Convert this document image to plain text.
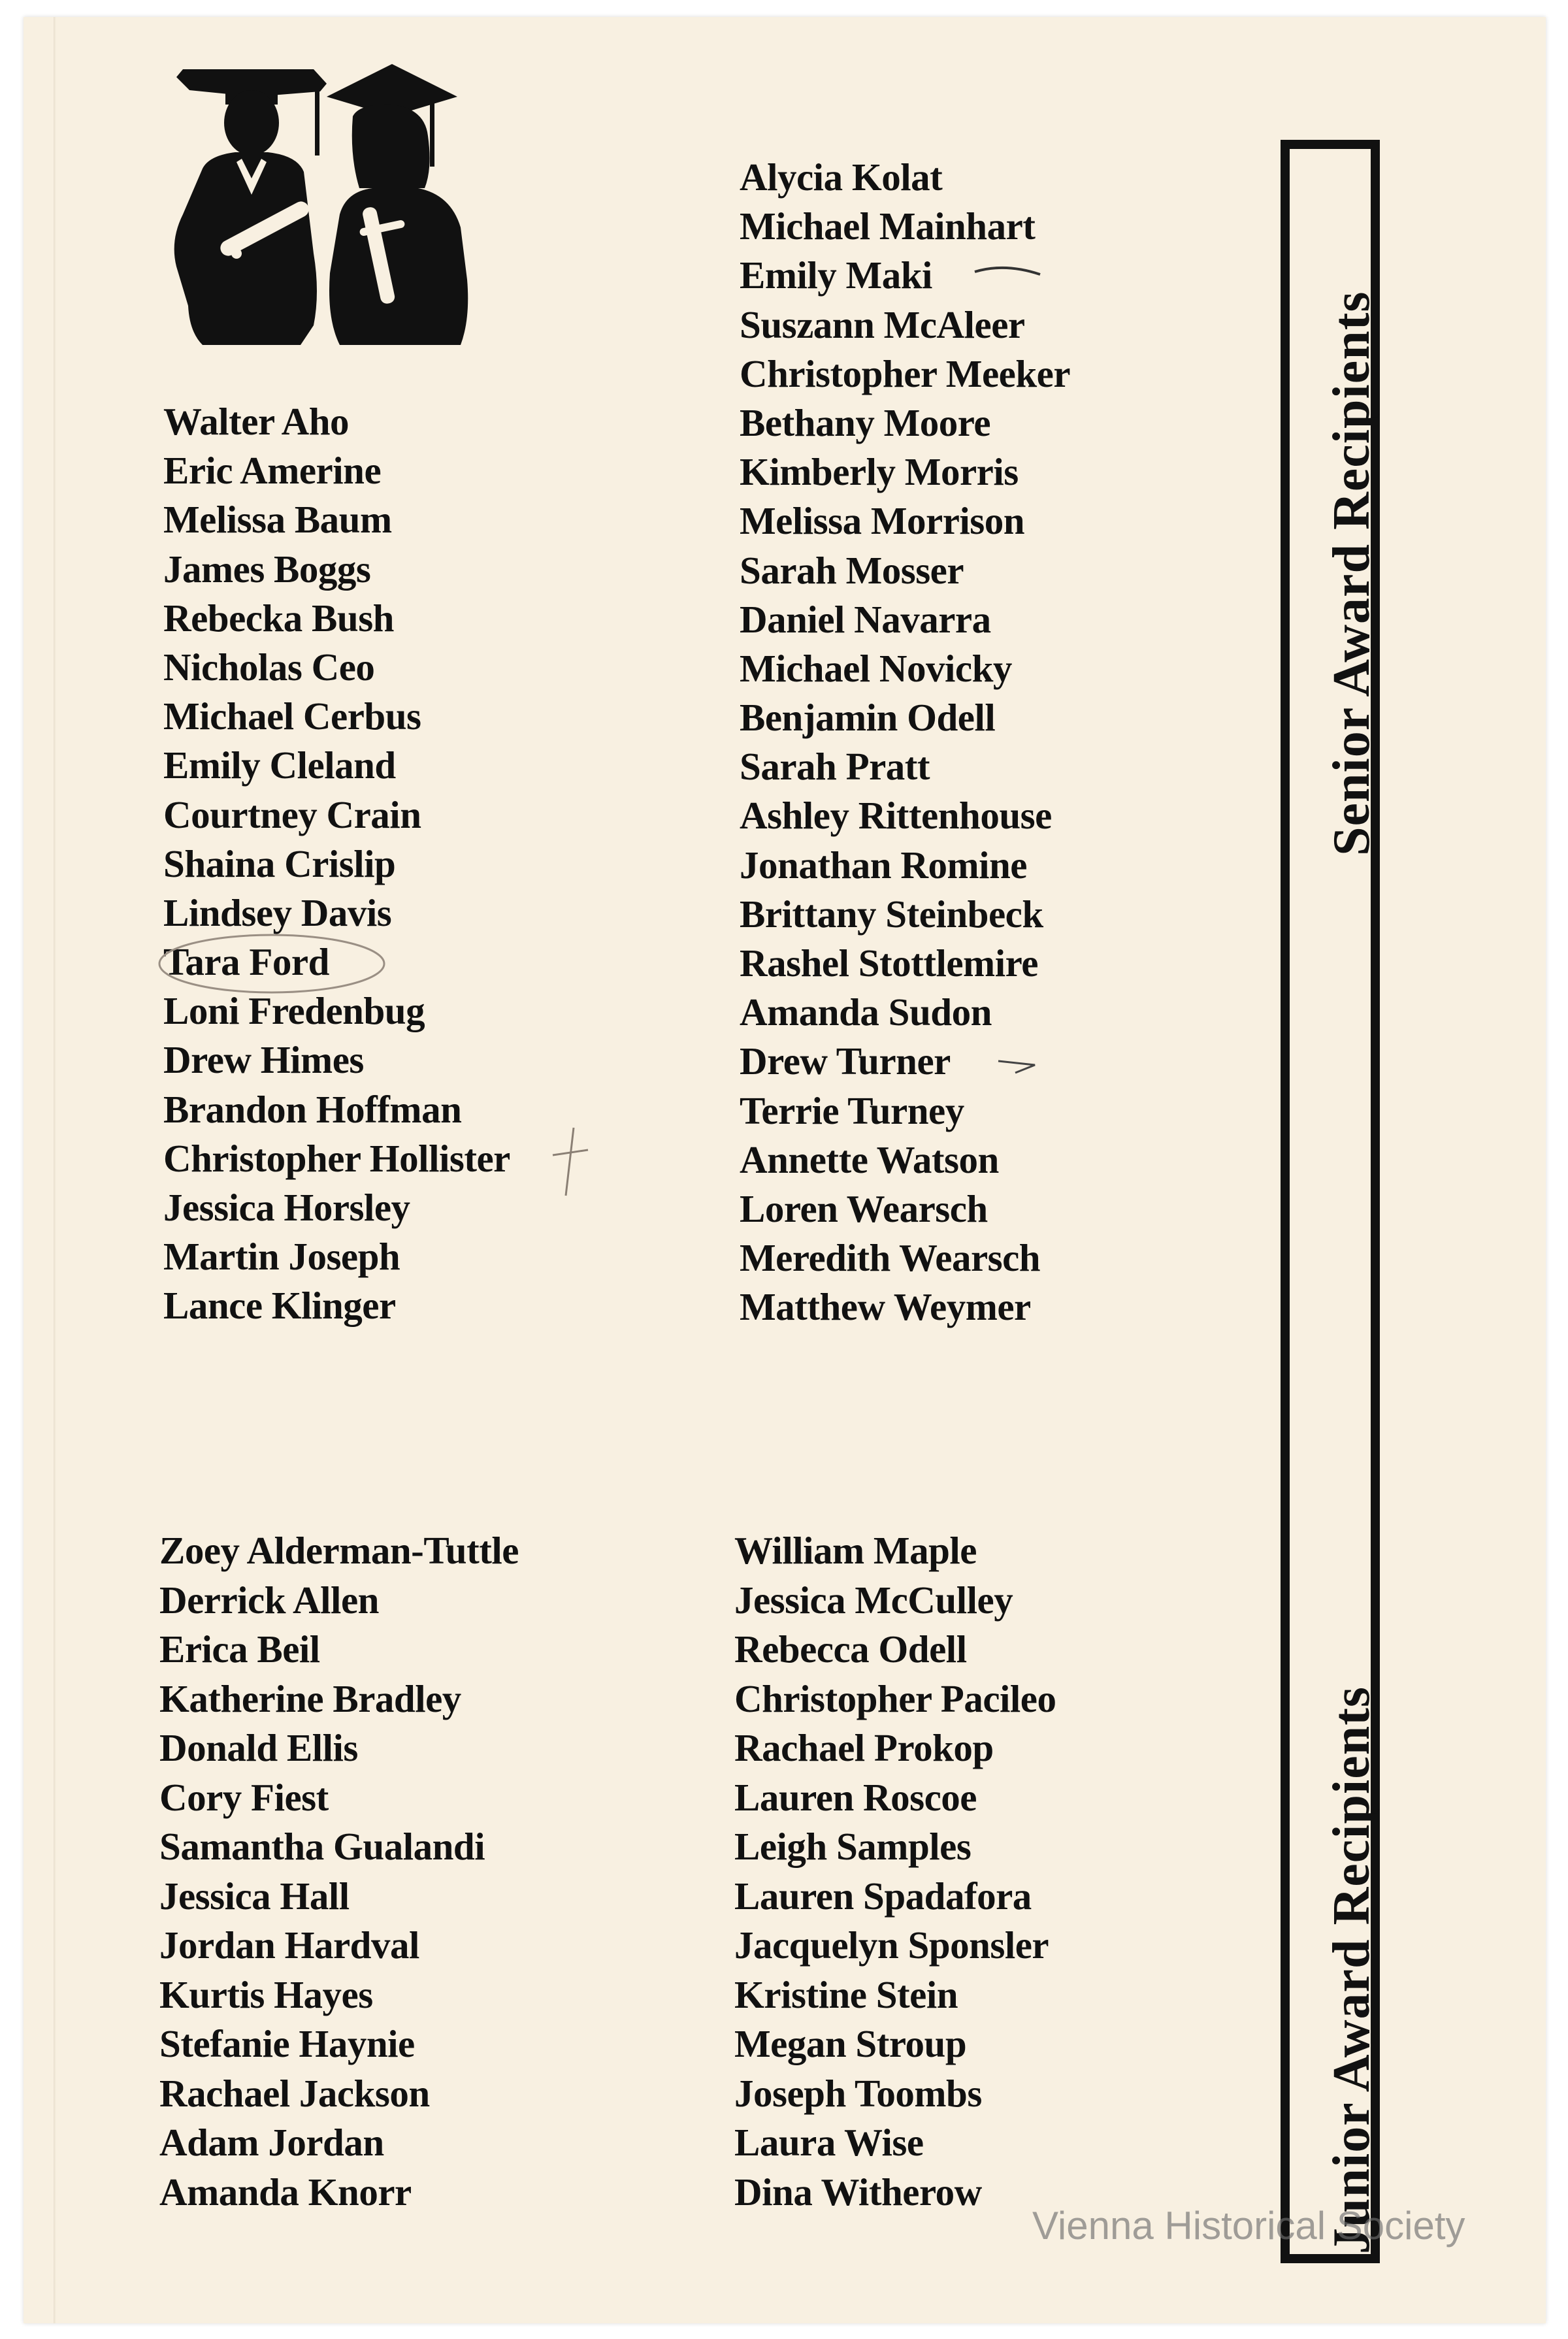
Walter Aho
Eric Amerine
Melissa Baum
James Boggs
Rebecka Bush
Nicholas Ceo
Michael Cerbus
Emily Cleland
Courtney Crain
Shaina Crislip
Lindsey Davis
Tara Ford
Loni Fredenbug
Drew Himes
Brandon Hoffman
Christopher Hollister
Jessica Horsley
Martin Joseph
Lance Klinger
Alycia Kolat
Michael Mainhart
Emily Maki
Suszann McAleer
Christopher Meeker
Bethany Moore
Kimberly Morris
Melissa Morrison
Sarah Mosser
Daniel Navarra
Michael Novicky
Benjamin Odell
Sarah Pratt
Ashley Rittenhouse
Jonathan Romine
Brittany Steinbeck
Rashel Stottlemire
Amanda Sudon
Drew Turner
Terrie Turney
Annette Watson
Loren Wearsch
Meredith Wearsch
Matthew Weymer
Zoey Alderman-Tuttle
Derrick Allen
Erica Beil
Katherine Bradley
Donald Ellis
Cory Fiest
Samantha Gualandi
Jessica Hall
Jordan Hardval
Kurtis Hayes
Stefanie Haynie
Rachael Jackson
Adam Jordan
Amanda Knorr
William Maple
Jessica McCulley
Rebecca Odell
Christopher Pacileo
Rachael Prokop
Lauren Roscoe
Leigh Samples
Lauren Spadafora
Jacquelyn Sponsler
Kristine Stein
Megan Stroup
Joseph Toombs
Laura Wise
Dina Witherow
Senior Award Recipients
Junior Award Recipients
Vienna Historical Society
